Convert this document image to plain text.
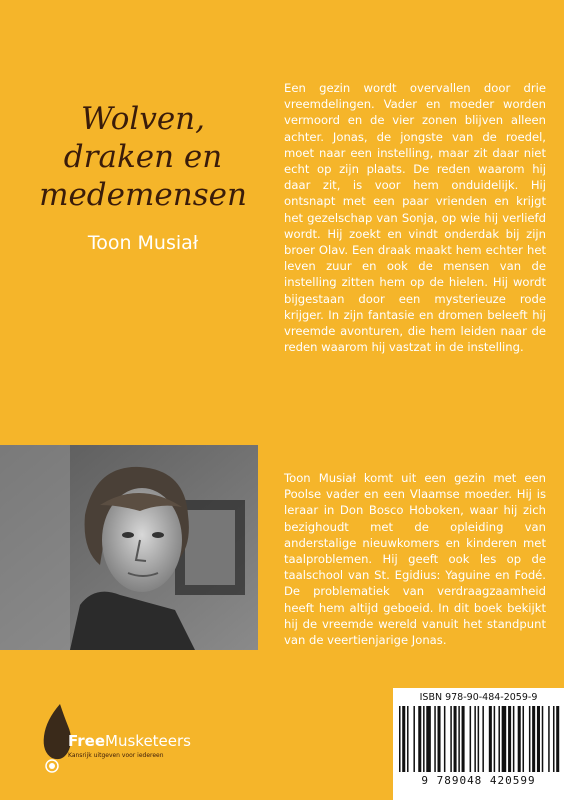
Wolven,
draken en
medemensen
Toon Musiał

Een gezin wordt overvallen door drie vreemdelingen. Vader en moeder worden vermoord en de vier zonen blijven alleen achter. Jonas, de jongste van de roedel, moet naar een instelling, maar zit daar niet echt op zijn plaats. De reden waarom hij daar zit, is voor hem onduidelijk. Hij ontsnapt met een paar vrienden en krijgt het gezelschap van Sonja, op wie hij verliefd wordt. Hij zoekt en vindt onderdak bij zijn broer Olav. Een draak maakt hem echter het leven zuur en ook de mensen van de instelling zitten hem op de hielen. Hij wordt bijgestaan door een mysterieuze rode krijger. In zijn fantasie en dromen beleeft hij vreemde avonturen, die hem leiden naar de reden waarom hij vastzat in de instelling.

Toon Musiał komt uit een gezin met een Poolse vader en een Vlaamse moeder. Hij is leraar in Don Bosco Hoboken, waar hij zich bezighoudt met de opleiding van anderstalige nieuwkomers en kinderen met taalproblemen. Hij geeft ook les op de taalschool van St. Egidius: Yaguine en Fodé. De problematiek van verdraagzaamheid heeft hem altijd geboeid. In dit boek bekijkt hij de vreemde wereld vanuit het standpunt van de veertienjarige Jonas.

FreeMusketeers
Kansrijk uitgeven voor iedereen
ISBN 978-90-484-2059-9
9 789048 420599
